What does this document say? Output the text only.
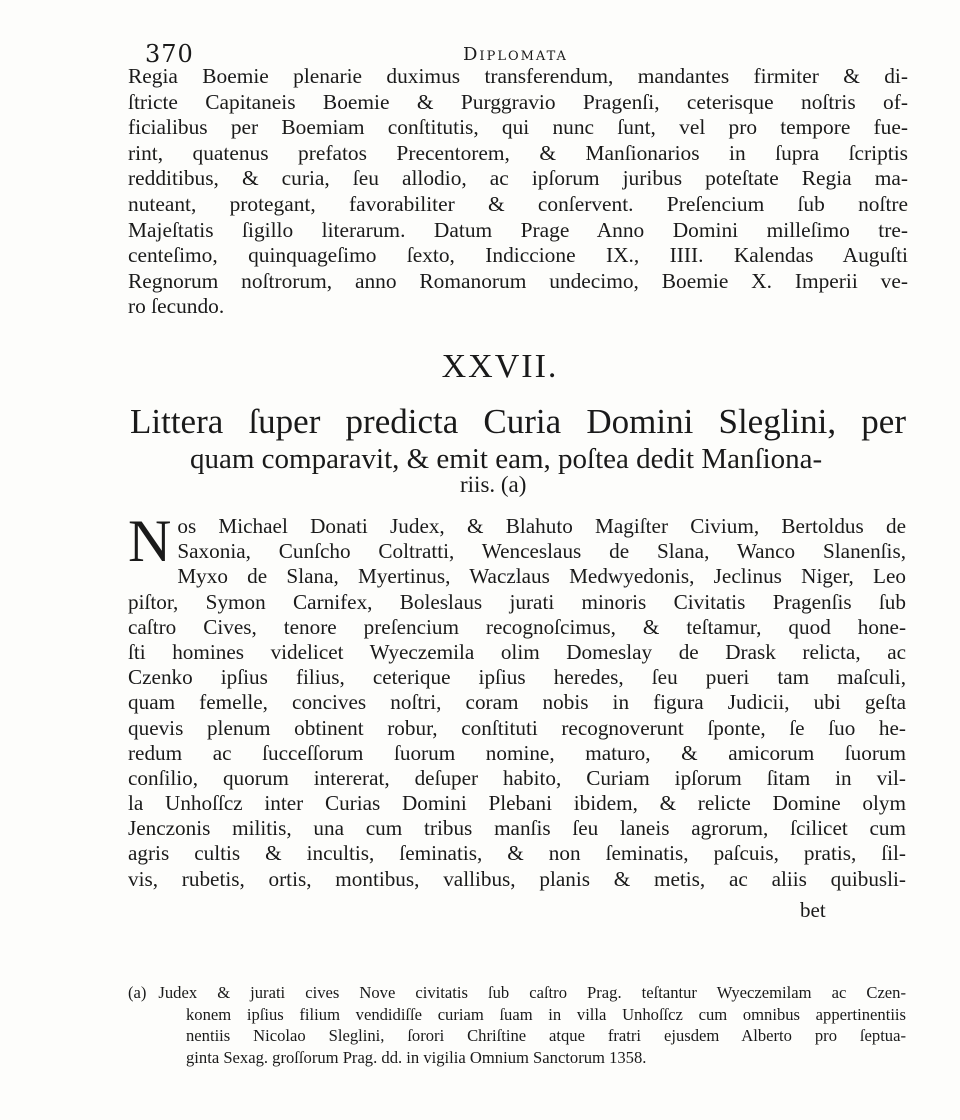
370	Diplomata
Regia Boemie plenarie duximus transferendum, mandantes firmiter & di-
ſtricte Capitaneis Boemie & Purggravio Pragenſi, ceterisque noſtris of-
ficialibus per Boemiam conſtitutis, qui nunc ſunt, vel pro tempore fue-
rint, quatenus prefatos Precentorem, & Manſionarios in ſupra ſcriptis
redditibus, & curia, ſeu allodio, ac ipſorum juribus poteſtate Regia ma-
nuteant, protegant, favorabiliter & conſervent. Preſencium ſub noſtre
Majeſtatis ſigillo literarum. Datum Prage Anno Domini milleſimo tre-
centeſimo, quinquageſimo ſexto, Indiccione IX., IIII. Kalendas Auguſti
Regnorum noſtrorum, anno Romanorum undecimo, Boemie X. Imperii ve-
ro ſecundo.
XXVII.
Littera ſuper predicta Curia Domini Sleglini, per
quam comparavit, & emit eam, poſtea dedit Manſiona-
riis. (a)
N os Michael Donati Judex, & Blahuto Magiſter Civium, Bertoldus de
Saxonia, Cunſcho Coltratti, Wenceslaus de Slana, Wanco Slanenſis,
Myxo de Slana, Myertinus, Waczlaus Medwyedonis, Jeclinus Niger, Leo
piſtor, Symon Carnifex, Boleslaus jurati minoris Civitatis Pragenſis ſub
caſtro Cives, tenore preſencium recognoſcimus, & teſtamur, quod hone-
ſti homines videlicet Wyeczemila olim Domeslay de Drask relicta, ac
Czenko ipſius filius, ceterique ipſius heredes, ſeu pueri tam maſculi,
quam femelle, concives noſtri, coram nobis in figura Judicii, ubi geſta
quevis plenum obtinent robur, conſtituti recognoverunt ſponte, ſe ſuo he-
redum ac ſucceſſorum ſuorum nomine, maturo, & amicorum ſuorum
conſilio, quorum intererat, deſuper habito, Curiam ipſorum ſitam in vil-
la Unhoſſcz inter Curias Domini Plebani ibidem, & relicte Domine olym
Jenczonis militis, una cum tribus manſis ſeu laneis agrorum, ſcilicet cum
agris cultis & incultis, ſeminatis, & non ſeminatis, paſcuis, pratis, ſil-
vis, rubetis, ortis, montibus, vallibus, planis & metis, ac aliis quibusli-
bet
(a) Judex & jurati cives Nove civitatis ſub caſtro Prag. teſtantur Wyeczemilam ac Czen-
konem ipſius filium vendidiſſe curiam ſuam in villa Unhoſſcz cum omnibus appertinentiis
nentiis Nicolao Sleglini, ſorori Chriſtine atque fratri ejusdem Alberto pro ſeptua-
ginta Sexag. groſſorum Prag. dd. in vigilia Omnium Sanctorum 1358.
